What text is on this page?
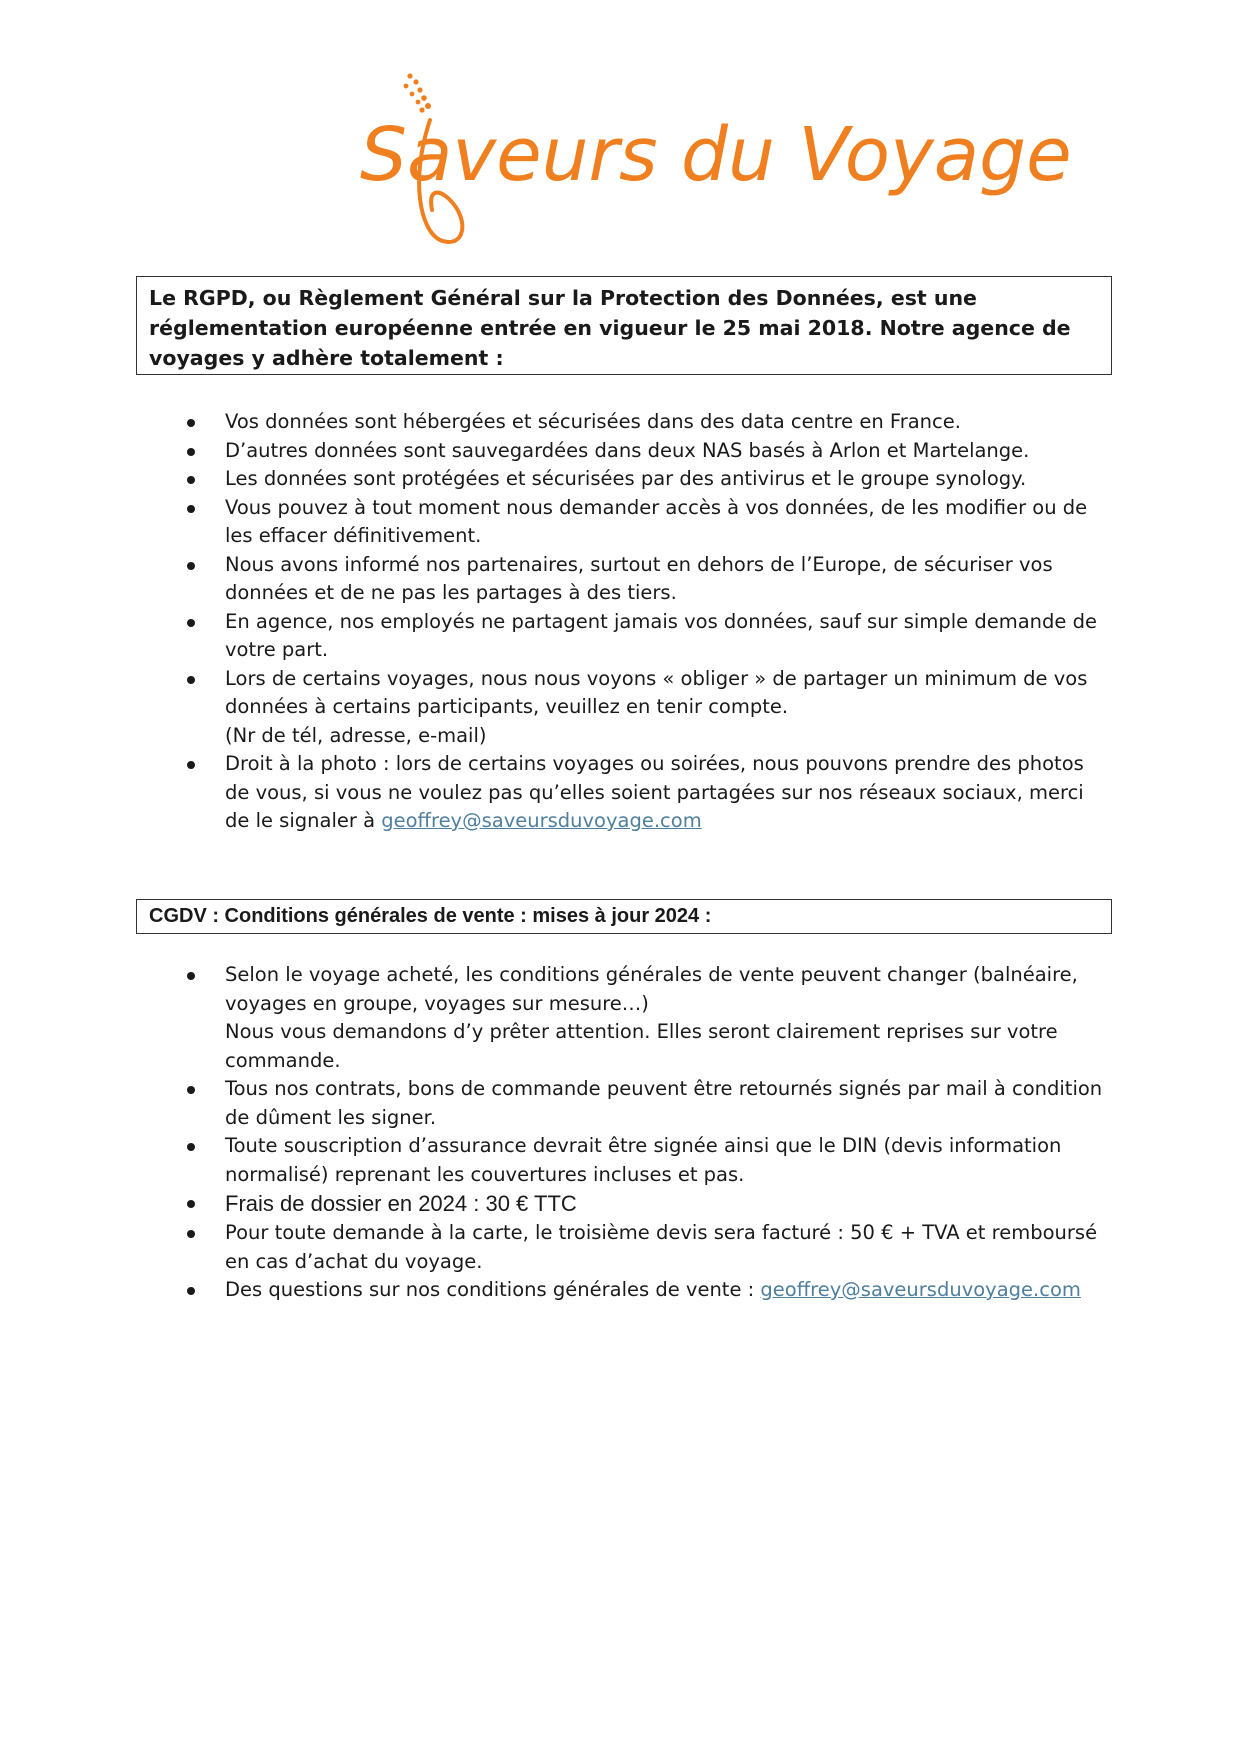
Saveurs du Voyage
Le RGPD, ou Règlement Général sur la Protection des Données, est une réglementation européenne entrée en vigueur le 25 mai 2018. Notre agence de voyages y adhère totalement :
Vos données sont hébergées et sécurisées dans des data centre en France.
D’autres données sont sauvegardées dans deux NAS basés à Arlon et Martelange.
Les données sont protégées et sécurisées par des antivirus et le groupe synology.
Vous pouvez à tout moment nous demander accès à vos données, de les modifier ou de les effacer définitivement.
Nous avons informé nos partenaires, surtout en dehors de l’Europe, de sécuriser vos données et de ne pas les partages à des tiers.
En agence, nos employés ne partagent jamais vos données, sauf sur simple demande de votre part.
Lors de certains voyages, nous nous voyons « obliger » de partager un minimum de vos données à certains participants, veuillez en tenir compte.
(Nr de tél, adresse, e-mail)
Droit à la photo : lors de certains voyages ou soirées, nous pouvons prendre des photos de vous, si vous ne voulez pas qu’elles soient partagées sur nos réseaux sociaux, merci de le signaler à geoffrey@saveursduvoyage.com
CGDV : Conditions générales de vente : mises à jour 2024 :
Selon le voyage acheté, les conditions générales de vente peuvent changer (balnéaire, voyages en groupe, voyages sur mesure…)
Nous vous demandons d’y prêter attention. Elles seront clairement reprises sur votre commande.
Tous nos contrats, bons de commande peuvent être retournés signés par mail à condition de dûment les signer.
Toute souscription d’assurance devrait être signée ainsi que le DIN (devis information normalisé) reprenant les couvertures incluses et pas.
Frais de dossier en 2024 : 30 € TTC
Pour toute demande à la carte, le troisième devis sera facturé : 50 € + TVA et remboursé en cas d’achat du voyage.
Des questions sur nos conditions générales de vente : geoffrey@saveursduvoyage.com
